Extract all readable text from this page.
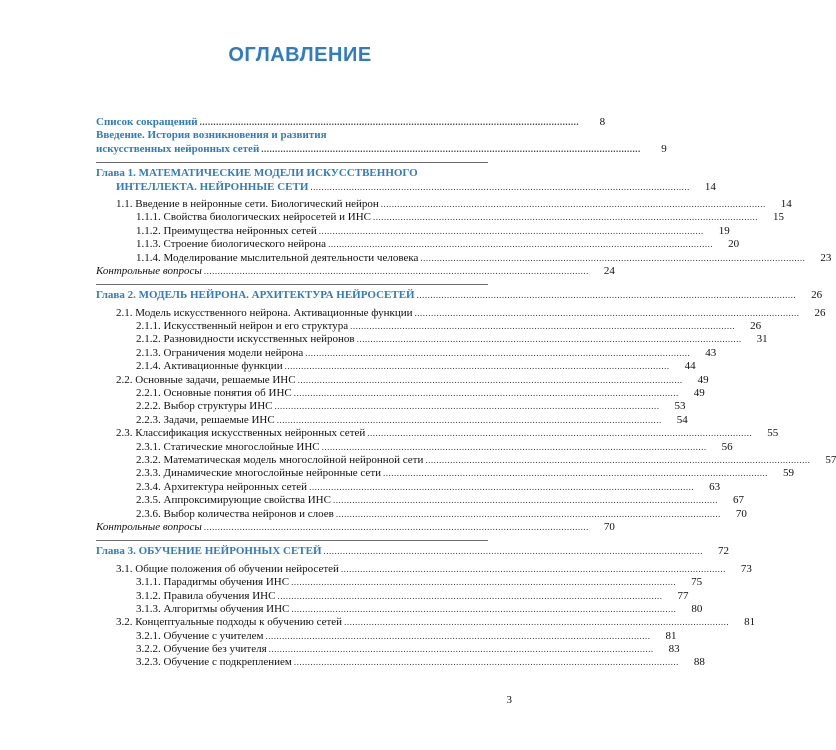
ОГЛАВЛЕНИЕ
Список сокращений ..........................................................................................................................................	8
Введение. История возникновения и развития
искусственных нейронных сетей ..........................................................................................................................................	9
Глава 1. МАТЕМАТИЧЕСКИЕ МОДЕЛИ ИСКУССТВЕННОГО
ИНТЕЛЛЕКТА. НЕЙРОННЫЕ СЕТИ ..........................................................................................................................................	14
1.1. Введение в нейронные сети. Биологический нейрон ............................................................................................................................................	14
1.1.1. Свойства биологических нейросетей и ИНС ............................................................................................................................................	15
1.1.2. Преимущества нейронных сетей ............................................................................................................................................	19
1.1.3. Строение биологического нейрона ............................................................................................................................................	20
1.1.4. Моделирование мыслительной деятельности человека ............................................................................................................................................	23
Контрольные вопросы ............................................................................................................................................	24
Глава 2. МОДЕЛЬ НЕЙРОНА. АРХИТЕКТУРА НЕЙРОСЕТЕЙ ..........................................................................................................................................	26
2.1. Модель искусственного нейрона. Активационные функции ............................................................................................................................................	26
2.1.1. Искусственный нейрон и его структура ............................................................................................................................................	26
2.1.2. Разновидности искусственных нейронов ............................................................................................................................................	31
2.1.3. Ограничения модели нейрона ............................................................................................................................................	43
2.1.4. Активационные функции ............................................................................................................................................	44
2.2. Основные задачи, решаемые ИНС ............................................................................................................................................	49
2.2.1. Основные понятия об ИНС ............................................................................................................................................	49
2.2.2. Выбор структуры ИНС ............................................................................................................................................	53
2.2.3. Задачи, решаемые ИНС ............................................................................................................................................	54
2.3. Классификация искусственных нейронных сетей ............................................................................................................................................	55
2.3.1. Статические многослойные ИНС ............................................................................................................................................	56
2.3.2. Математическая модель многослойной нейронной сети ............................................................................................................................................	57
2.3.3. Динамические многослойные нейронные сети ............................................................................................................................................	59
2.3.4. Архитектура нейронных сетей ............................................................................................................................................	63
2.3.5. Аппроксимирующие свойства ИНС ............................................................................................................................................	67
2.3.6. Выбор количества нейронов и слоев ............................................................................................................................................	70
Контрольные вопросы ............................................................................................................................................	70
Глава 3. ОБУЧЕНИЕ НЕЙРОННЫХ СЕТЕЙ ..........................................................................................................................................	72
3.1. Общие положения об обучении нейросетей ............................................................................................................................................	73
3.1.1. Парадигмы обучения ИНС ............................................................................................................................................	75
3.1.2. Правила обучения ИНС ............................................................................................................................................	77
3.1.3. Алгоритмы обучения ИНС ............................................................................................................................................	80
3.2. Концептуальные подходы к обучению сетей ............................................................................................................................................	81
3.2.1. Обучение с учителем ............................................................................................................................................	81
3.2.2. Обучение без учителя ............................................................................................................................................	83
3.2.3. Обучение с подкреплением ............................................................................................................................................	88
3
